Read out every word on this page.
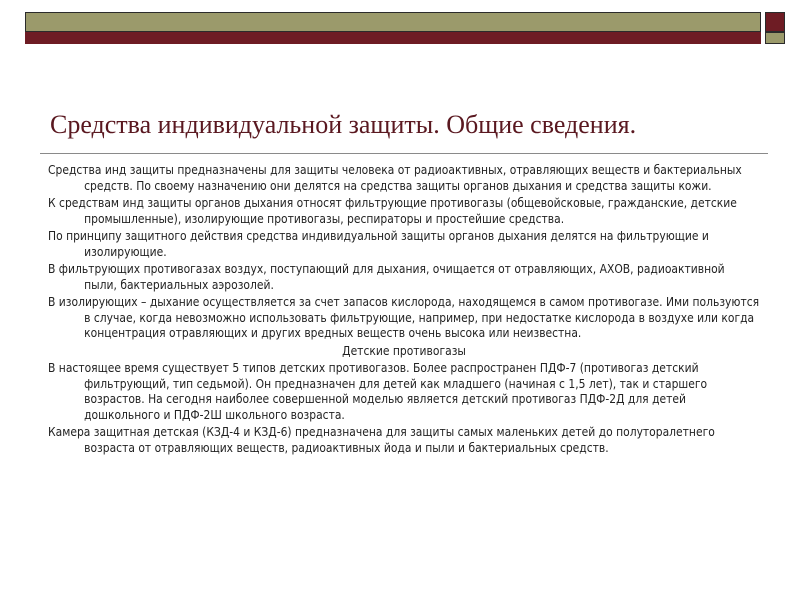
Средства индивидуальной защиты. Общие сведения.

Средства инд защиты предназначены для защиты человека от радиоактивных, отравляющих веществ и бактериальных средств. По своему назначению они делятся на средства защиты органов дыхания и средства защиты кожи.

К средствам инд защиты органов дыхания относят фильтрующие противогазы (общевойсковые, гражданские, детские промышленные), изолирующие противогазы, респираторы и простейшие средства.

По принципу защитного действия средства индивидуальной защиты органов дыхания делятся на фильтрующие и изолирующие.

В фильтрующих противогазах воздух, поступающий для дыхания, очищается от отравляющих, АХОВ, радиоактивной пыли, бактериальных аэрозолей.

В изолирующих – дыхание осуществляется за счет запасов кислорода, находящемся в самом противогазе. Ими пользуются в случае, когда невозможно использовать фильтрующие, например, при недостатке кислорода в воздухе или когда концентрация отравляющих и других вредных веществ очень высока или неизвестна.

Детские противогазы

В настоящее время существует 5 типов детских противогазов. Более распространен ПДФ-7 (противогаз детский фильтрующий, тип седьмой). Он предназначен для детей как младшего (начиная с 1,5 лет), так и старшего возрастов. На сегодня наиболее совершенной моделью является детский противогаз ПДФ-2Д для детей дошкольного и ПДФ-2Ш школьного возраста.

Камера защитная детская (КЗД-4 и КЗД-6) предназначена для защиты самых маленьких детей до полуторалетнего возраста от отравляющих веществ, радиоактивных йода и пыли и бактериальных средств.
